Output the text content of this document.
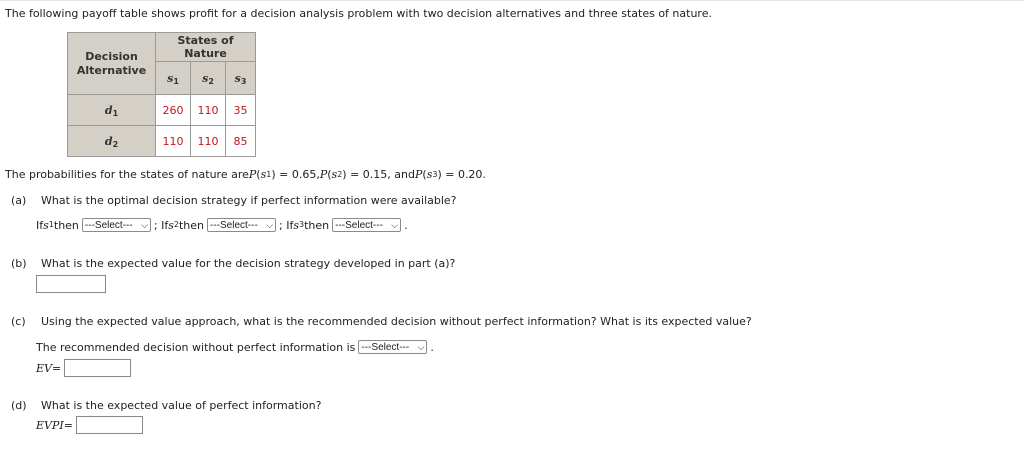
The following payoff table shows profit for a decision analysis problem with two decision alternatives and three states of nature.
Decision Alternative	States of Nature		
	$s_1$	$s_2$	$s_3$
$d_1$	260	110	35
$d_2$	110	110	85
The probabilities for the states of nature are P ( s 1 ) = 0.65, P ( s 2 ) = 0.15, and P ( s 3 ) = 0.20.
(a)	What is the optimal decision strategy if perfect information were available?
If s 1 then ---Select--- ⌵ ; If s 2 then ---Select--- ⌵ ; If s 3 then ---Select--- ⌵ .
(b)	What is the expected value for the decision strategy developed in part (a)?
(c)	Using the expected value approach, what is the recommended decision without perfect information? What is its expected value?
The recommended decision without perfect information is ---Select--- ⌵ .
EV =
(d)	What is the expected value of perfect information?
EVPI =
